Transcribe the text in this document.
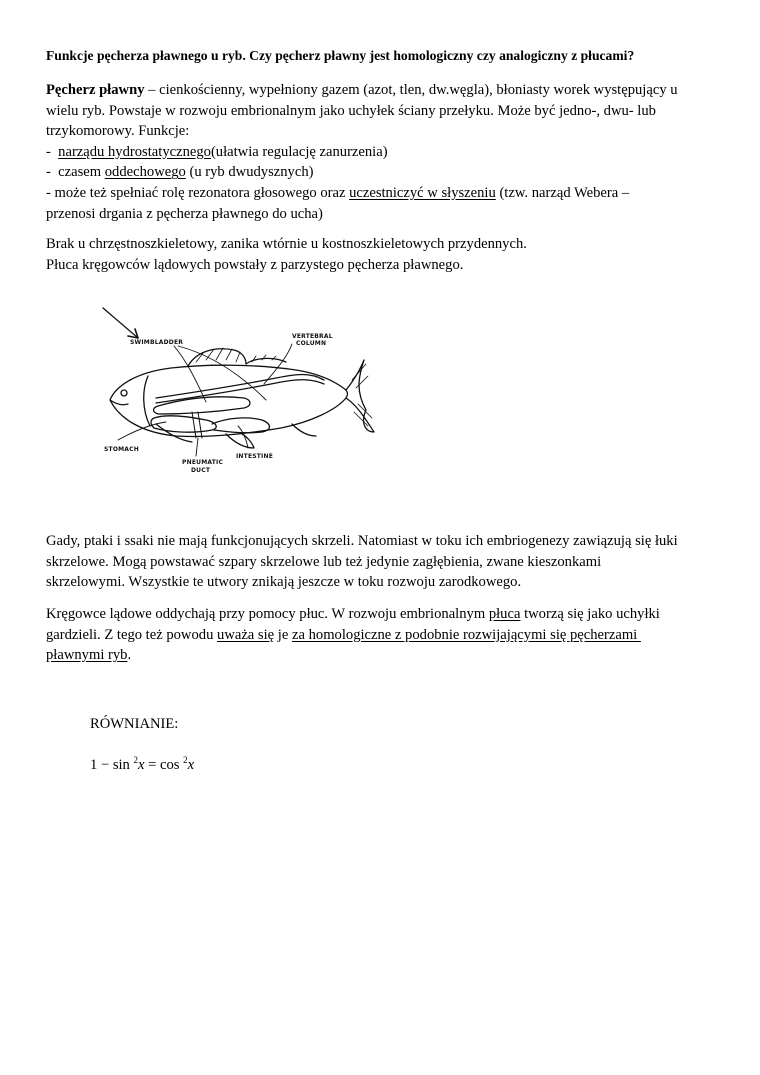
Funkcje pęcherza pławnego u ryb. Czy pęcherz pławny jest homologiczny czy analogiczny z płucami?
Pęcherz pławny – cienkościenny, wypełniony gazem (azot, tlen, dw.węgla), błoniasty worek występujący u
wielu ryb. Powstaje w rozwoju embrionalnym jako uchyłek ściany przełyku. Może być jedno-, dwu- lub
trzykomorowy. Funkcje:
-  narządu hydrostatycznego(ułatwia regulację zanurzenia)
-  czasem oddechowego (u ryb dwudysznych)
- może też spełniać rolę rezonatora głosowego oraz uczestniczyć w słyszeniu (tzw. narząd Webera –
przenosi drgania z pęcherza pławnego do ucha)
Brak u chrzęstnoszkieletowy, zanika wtórnie u kostnoszkieletowych przydennych.
Płuca kręgowców lądowych powstały z parzystego pęcherza pławnego.
SWIMBLADDER
VERTEBRAL
COLUMN
STOMACH
PNEUMATIC
DUCT
INTESTINE
Gady, ptaki i ssaki nie mają funkcjonujących skrzeli. Natomiast w toku ich embriogenezy zawiązują się łuki
skrzelowe. Mogą powstawać szpary skrzelowe lub też jedynie zagłębienia, zwane kieszonkami
skrzelowymi. Wszystkie te utwory znikają jeszcze w toku rozwoju zarodkowego.
Kręgowce lądowe oddychają przy pomocy płuc. W rozwoju embrionalnym płuca tworzą się jako uchyłki
gardzieli. Z tego też powodu uważa się je za homologiczne z podobnie rozwijającymi się pęcherzami
pławnymi ryb.
RÓWNIANIE:
1 − sin $^2$x = cos $^2$x
